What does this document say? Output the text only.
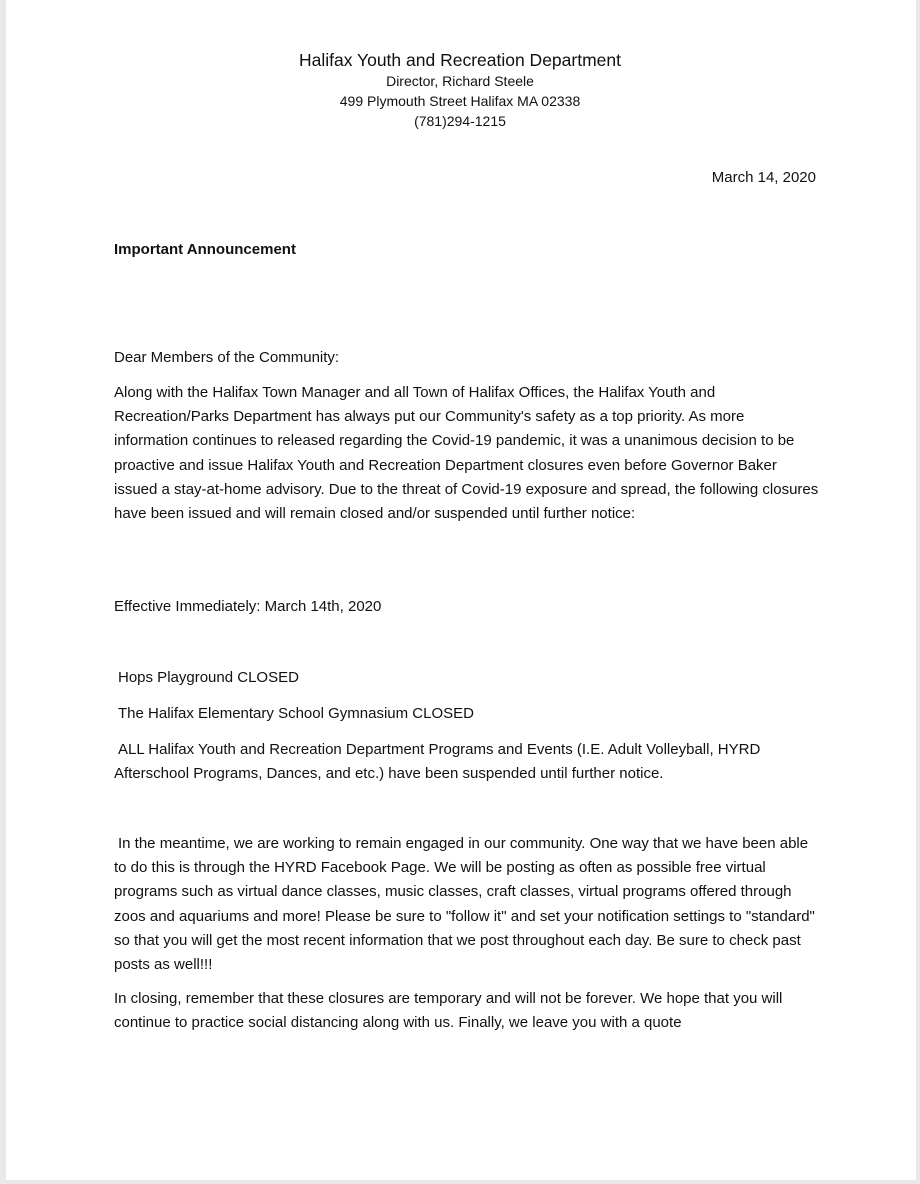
Halifax Youth and Recreation Department

Director, Richard Steele

499 Plymouth Street Halifax MA 02338

(781)294-1215

March 14, 2020
Important Announcement

Dear Members of the Community:

Along with the Halifax Town Manager and all Town of Halifax Offices, the Halifax Youth and Recreation/Parks Department has always put our Community's safety as a top priority. As more information continues to released regarding the Covid-19 pandemic, it was a unanimous decision to be proactive and issue Halifax Youth and Recreation Department closures even before Governor Baker issued a stay-at-home advisory. Due to the threat of Covid-19 exposure and spread, the following closures have been issued and will remain closed and/or suspended until further notice:

Effective Immediately: March 14th, 2020

Hops Playground CLOSED

The Halifax Elementary School Gymnasium CLOSED

ALL Halifax Youth and Recreation Department Programs and Events (I.E. Adult Volleyball, HYRD Afterschool Programs, Dances, and etc.) have been suspended until further notice.

In the meantime, we are working to remain engaged in our community. One way that we have been able to do this is through the HYRD Facebook Page. We will be posting as often as possible free virtual programs such as virtual dance classes, music classes, craft classes, virtual programs offered through zoos and aquariums and more! Please be sure to "follow it" and set your notification settings to "standard" so that you will get the most recent information that we post throughout each day. Be sure to check past posts as well!!!

In closing, remember that these closures are temporary and will not be forever. We hope that you will continue to practice social distancing along with us. Finally, we leave you with a quote
